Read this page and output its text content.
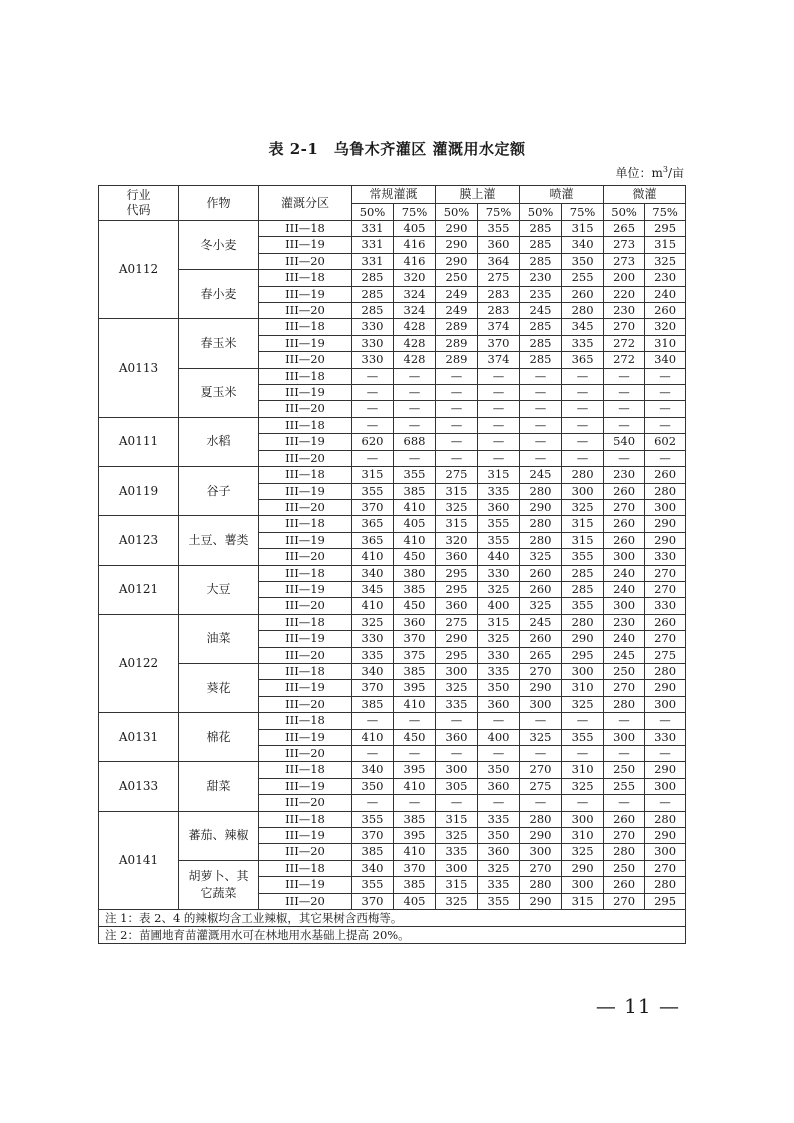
表 2-1　乌鲁木齐灌区 灌溉用水定额
单位：$m^3/$亩
行业
代码	作物	灌溉分区	常规灌溉		膜上灌		喷灌		微灌	
			50%	75%	50%	75%	50%	75%	50%	75%
A0112	冬小麦	III—18	331	405	290	355	285	315	265	295
		III—19	331	416	290	360	285	340	273	315
		III—20	331	416	290	364	285	350	273	325
	春小麦	III—18	285	320	250	275	230	255	200	230
		III—19	285	324	249	283	235	260	220	240
		III—20	285	324	249	283	245	280	230	260
A0113	春玉米	III—18	330	428	289	374	285	345	270	320
		III—19	330	428	289	370	285	335	272	310
		III—20	330	428	289	374	285	365	272	340
	夏玉米	III—18	—	—	—	—	—	—	—	—
		III—19	—	—	—	—	—	—	—	—
		III—20	—	—	—	—	—	—	—	—
A0111	水稻	III—18	—	—	—	—	—	—	—	—
		III—19	620	688	—	—	—	—	540	602
		III—20	—	—	—	—	—	—	—	—
A0119	谷子	III—18	315	355	275	315	245	280	230	260
		III—19	355	385	315	335	280	300	260	280
		III—20	370	410	325	360	290	325	270	300
A0123	土豆、薯类	III—18	365	405	315	355	280	315	260	290
		III—19	365	410	320	355	280	315	260	290
		III—20	410	450	360	440	325	355	300	330
A0121	大豆	III—18	340	380	295	330	260	285	240	270
		III—19	345	385	295	325	260	285	240	270
		III—20	410	450	360	400	325	355	300	330
A0122	油菜	III—18	325	360	275	315	245	280	230	260
		III—19	330	370	290	325	260	290	240	270
		III—20	335	375	295	330	265	295	245	275
	葵花	III—18	340	385	300	335	270	300	250	280
		III—19	370	395	325	350	290	310	270	290
		III—20	385	410	335	360	300	325	280	300
A0131	棉花	III—18	—	—	—	—	—	—	—	—
		III—19	410	450	360	400	325	355	300	330
		III—20	—	—	—	—	—	—	—	—
A0133	甜菜	III—18	340	395	300	350	270	310	250	290
		III—19	350	410	305	360	275	325	255	300
		III—20	—	—	—	—	—	—	—	—
A0141	蕃茄、辣椒	III—18	355	385	315	335	280	300	260	280
		III—19	370	395	325	350	290	310	270	290
		III—20	385	410	335	360	300	325	280	300
	胡萝卜、其它蔬菜	III—18	340	370	300	325	270	290	250	270
		III—19	355	385	315	335	280	300	260	280
		III—20	370	405	325	355	290	315	270	295
注 1：表 2、4 的辣椒均含工业辣椒，其它果树含西梅等。										
注 2：苗圃地育苗灌溉用水可在林地用水基础上提高 20%。										
— 11 —
